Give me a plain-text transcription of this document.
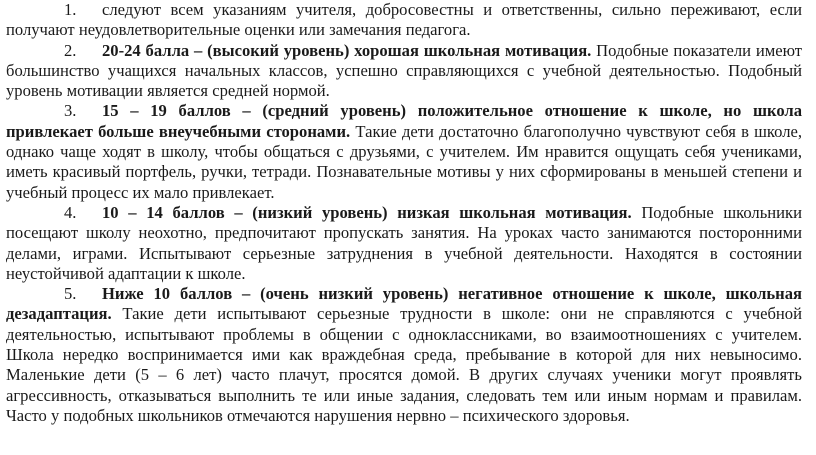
1. следуют всем указаниям учителя, добросовестны и ответственны, сильно переживают, если получают неудовлетворительные оценки или замечания педагога.

2. 20-24 балла – (высокий уровень) хорошая школьная мотивация. Подобные показатели имеют большинство учащихся начальных классов, успешно справляющихся с учебной деятельностью. Подобный уровень мотивации является средней нормой.

3. 15 – 19 баллов – (средний уровень) положительное отношение к школе, но школа привлекает больше внеучебными сторонами. Такие дети достаточно благополучно чувствуют себя в школе, однако чаще ходят в школу, чтобы общаться с друзьями, с учителем. Им нравится ощущать себя учениками, иметь красивый портфель, ручки, тетради. Познавательные мотивы у них сформированы в меньшей степени и учебный процесс их мало привлекает.

4. 10 – 14 баллов – (низкий уровень) низкая школьная мотивация. Подобные школьники посещают школу неохотно, предпочитают пропускать занятия. На уроках часто занимаются посторонними делами, играми. Испытывают серьезные затруднения в учебной деятельности. Находятся в состоянии неустойчивой адаптации к школе.

5. Ниже 10 баллов – (очень низкий уровень) негативное отношение к школе, школьная дезадаптация. Такие дети испытывают серьезные трудности в школе: они не справляются с учебной деятельностью, испытывают проблемы в общении с одноклассниками, во взаимоотношениях с учителем. Школа нередко воспринимается ими как враждебная среда, пребывание в которой для них невыносимо. Маленькие дети (5 – 6 лет) часто плачут, просятся домой. В других случаях ученики могут проявлять агрессивность, отказываться выполнить те или иные задания, следовать тем или иным нормам и правилам. Часто у подобных школьников отмечаются нарушения нервно – психического здоровья.
